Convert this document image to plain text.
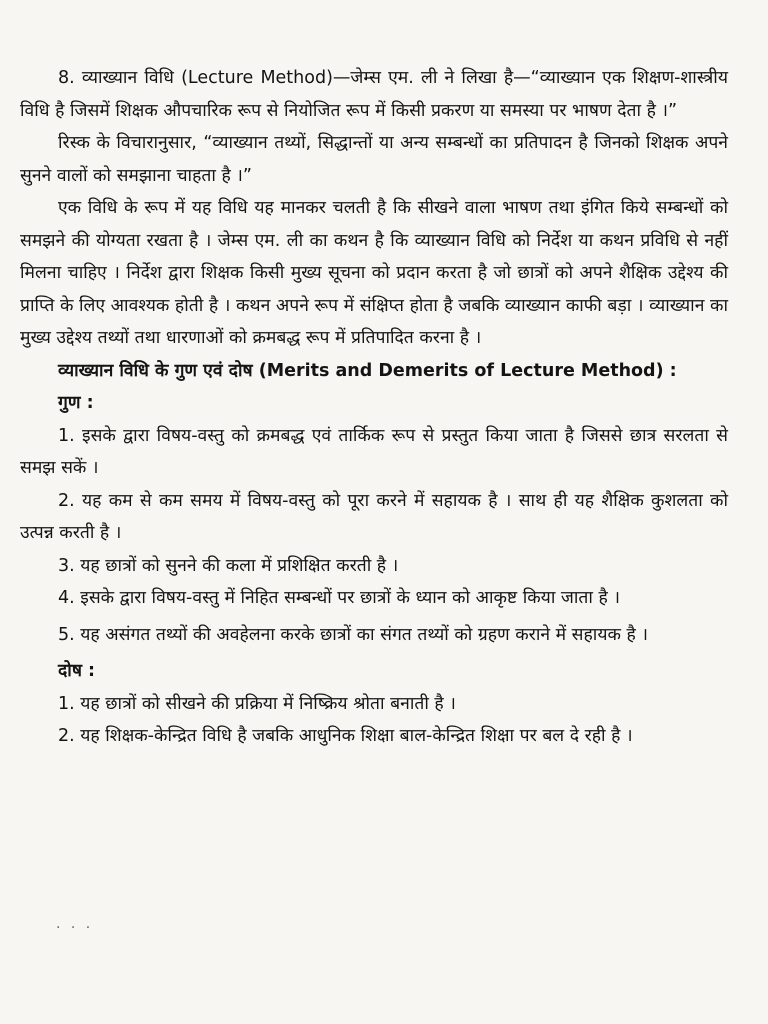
8. व्याख्यान विधि (Lecture Method)—जेम्स एम. ली ने लिखा है—“व्याख्यान एक शिक्षण-शास्त्रीय विधि है जिसमें शिक्षक औपचारिक रूप से नियोजित रूप में किसी प्रकरण या समस्या पर भाषण देता है ।”

रिस्क के विचारानुसार, “व्याख्यान तथ्यों, सिद्धान्तों या अन्य सम्बन्धों का प्रतिपादन है जिनको शिक्षक अपने सुनने वालों को समझाना चाहता है ।”

एक विधि के रूप में यह विधि यह मानकर चलती है कि सीखने वाला भाषण तथा इंगित किये सम्बन्धों को समझने की योग्यता रखता है । जेम्स एम. ली का कथन है कि व्याख्यान विधि को निर्देश या कथन प्रविधि से नहीं मिलना चाहिए । निर्देश द्वारा शिक्षक किसी मुख्य सूचना को प्रदान करता है जो छात्रों को अपने शैक्षिक उद्देश्य की प्राप्ति के लिए आवश्यक होती है । कथन अपने रूप में संक्षिप्त होता है जबकि व्याख्यान काफी बड़ा । व्याख्यान का मुख्य उद्देश्य तथ्यों तथा धारणाओं को क्रमबद्ध रूप में प्रतिपादित करना है ।

व्याख्यान विधि के गुण एवं दोष (Merits and Demerits of Lecture Method) :

गुण :

1. इसके द्वारा विषय-वस्तु को क्रमबद्ध एवं तार्किक रूप से प्रस्तुत किया जाता है जिससे छात्र सरलता से समझ सकें ।

2. यह कम से कम समय में विषय-वस्तु को पूरा करने में सहायक है । साथ ही यह शैक्षिक कुशलता को उत्पन्न करती है ।

3. यह छात्रों को सुनने की कला में प्रशिक्षित करती है ।

4. इसके द्वारा विषय-वस्तु में निहित सम्बन्धों पर छात्रों के ध्यान को आकृष्ट किया जाता है ।

5. यह असंगत तथ्यों की अवहेलना करके छात्रों का संगत तथ्यों को ग्रहण कराने में सहायक है ।

दोष :

1. यह छात्रों को सीखने की प्रक्रिया में निष्क्रिय श्रोता बनाती है ।

2. यह शिक्षक-केन्द्रित विधि है जबकि आधुनिक शिक्षा बाल-केन्द्रित शिक्षा पर बल दे रही है ।

· · ·
